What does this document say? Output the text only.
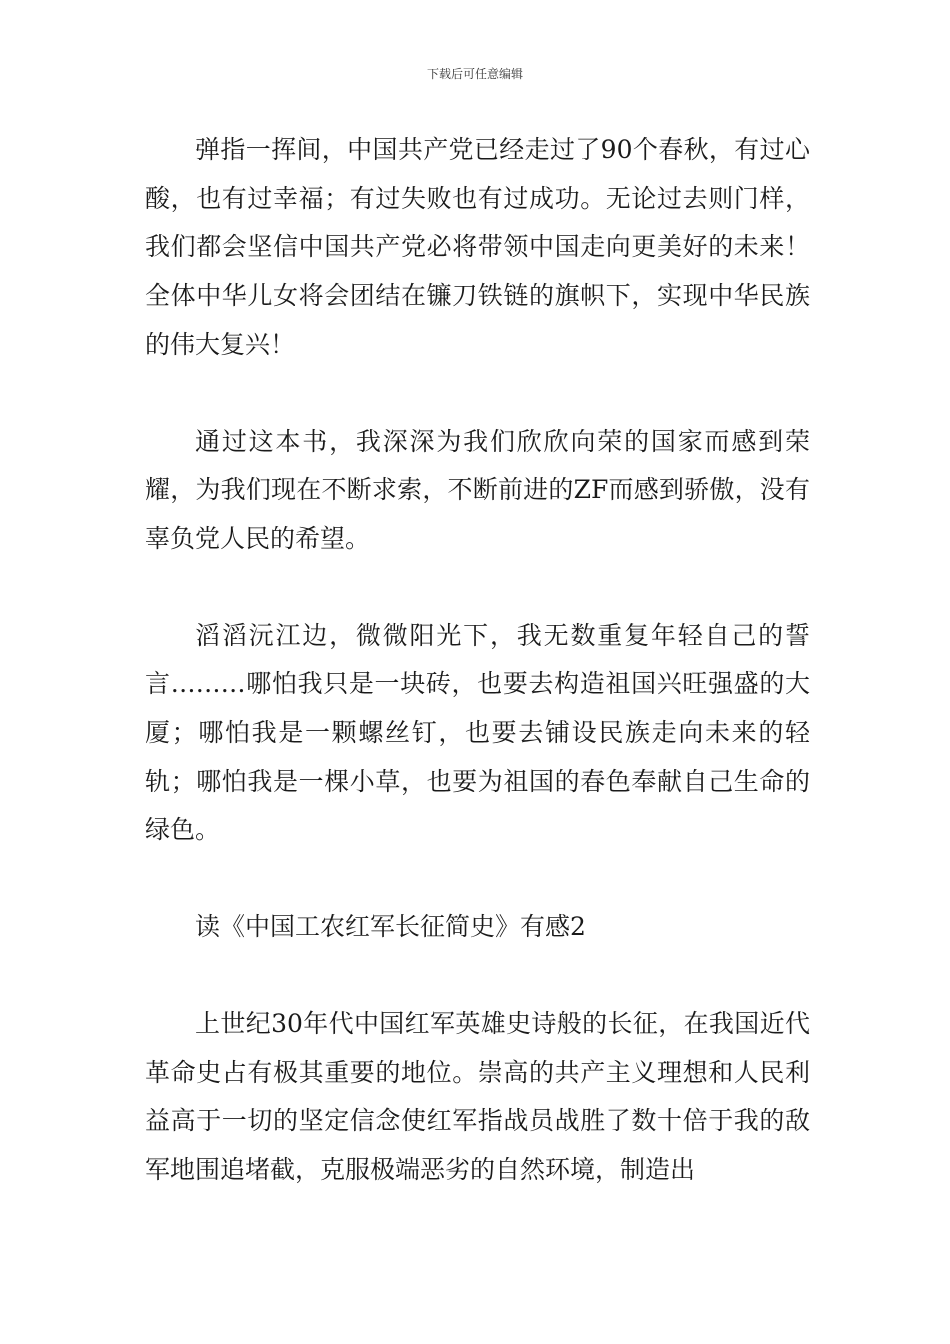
下载后可任意编辑

弹指一挥间，中国共产党已经走过了90个春秋，有过心酸，也有过幸福；有过失败也有过成功。无论过去则门样，我们都会坚信中国共产党必将带领中国走向更美好的未来！全体中华儿女将会团结在镰刀铁链的旗帜下，实现中华民族的伟大复兴！

通过这本书，我深深为我们欣欣向荣的国家而感到荣耀，为我们现在不断求索，不断前进的ZF而感到骄傲，没有辜负党人民的希望。

滔滔沅江边，微微阳光下，我无数重复年轻自己的誓言………哪怕我只是一块砖，也要去构造祖国兴旺强盛的大厦；哪怕我是一颗螺丝钉，也要去铺设民族走向未来的轻轨；哪怕我是一棵小草，也要为祖国的春色奉献自己生命的绿色。

读《中国工农红军长征简史》有感2

上世纪30年代中国红军英雄史诗般的长征，在我国近代革命史占有极其重要的地位。崇高的共产主义理想和人民利益高于一切的坚定信念使红军指战员战胜了数十倍于我的敌军地围追堵截，克服极端恶劣的自然环境，制造出
